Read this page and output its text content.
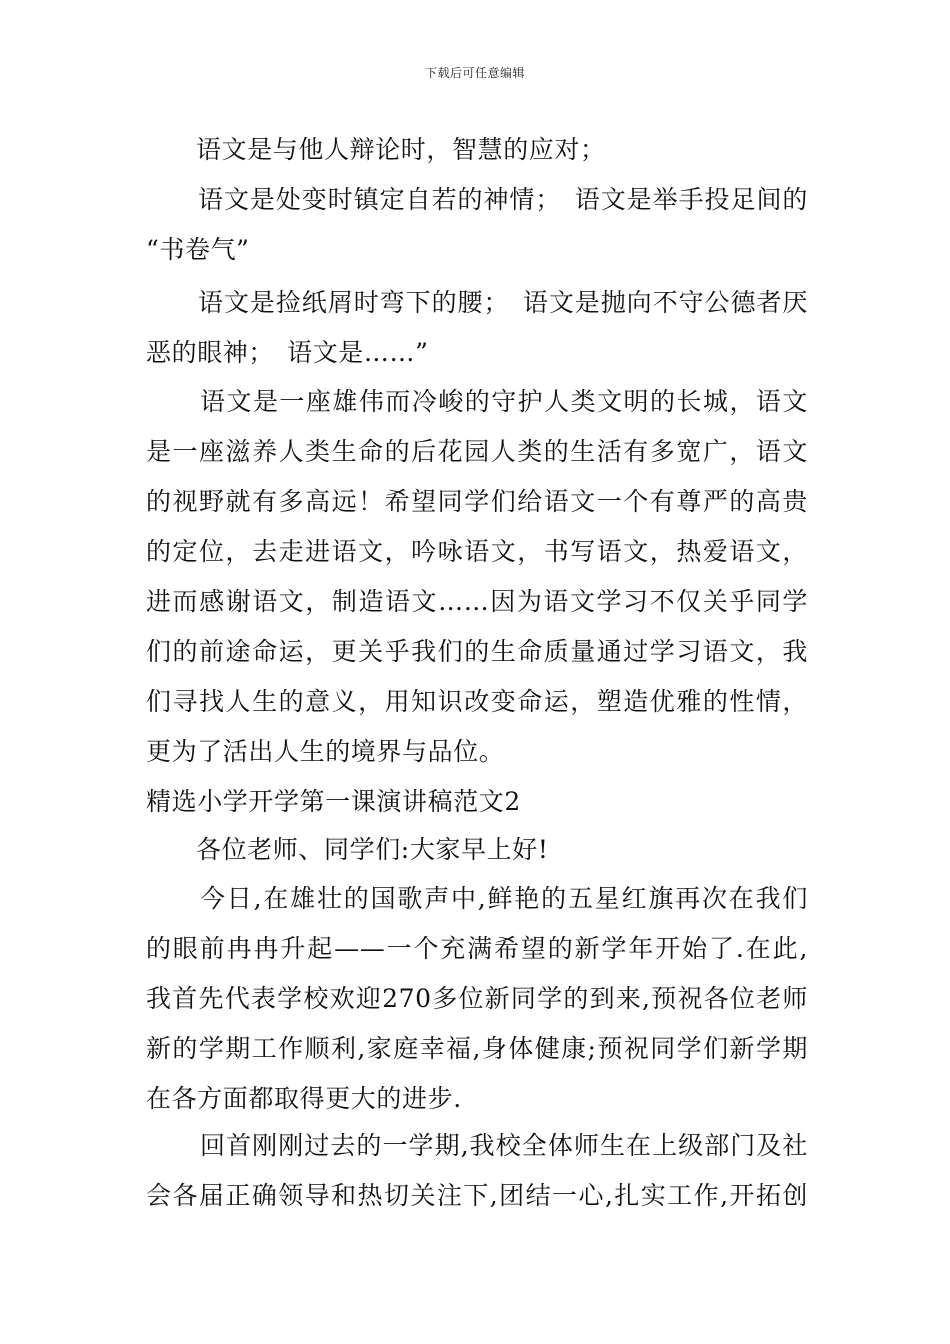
下载后可任意编辑
语文是与他人辩论时，智慧的应对；
语文是处变时镇定自若的神情；　语文是举手投足间的
“书卷气”
语文是捡纸屑时弯下的腰；　语文是抛向不守公德者厌
恶的眼神；　语文是……”
语文是一座雄伟而冷峻的守护人类文明的长城，语文
是一座滋养人类生命的后花园人类的生活有多宽广，语文
的视野就有多高远！希望同学们给语文一个有尊严的高贵
的定位，去走进语文，吟咏语文，书写语文，热爱语文，
进而感谢语文，制造语文……因为语文学习不仅关乎同学
们的前途命运，更关乎我们的生命质量通过学习语文，我
们寻找人生的意义，用知识改变命运，塑造优雅的性情，
更为了活出人生的境界与品位。
精选小学开学第一课演讲稿范文2
各位老师、同学们:大家早上好!
今日,在雄壮的国歌声中,鲜艳的五星红旗再次在我们
的眼前冉冉升起——一个充满希望的新学年开始了.在此,
我首先代表学校欢迎270多位新同学的到来,预祝各位老师
新的学期工作顺利,家庭幸福,身体健康;预祝同学们新学期
在各方面都取得更大的进步.
回首刚刚过去的一学期,我校全体师生在上级部门及社
会各届正确领导和热切关注下,团结一心,扎实工作,开拓创
